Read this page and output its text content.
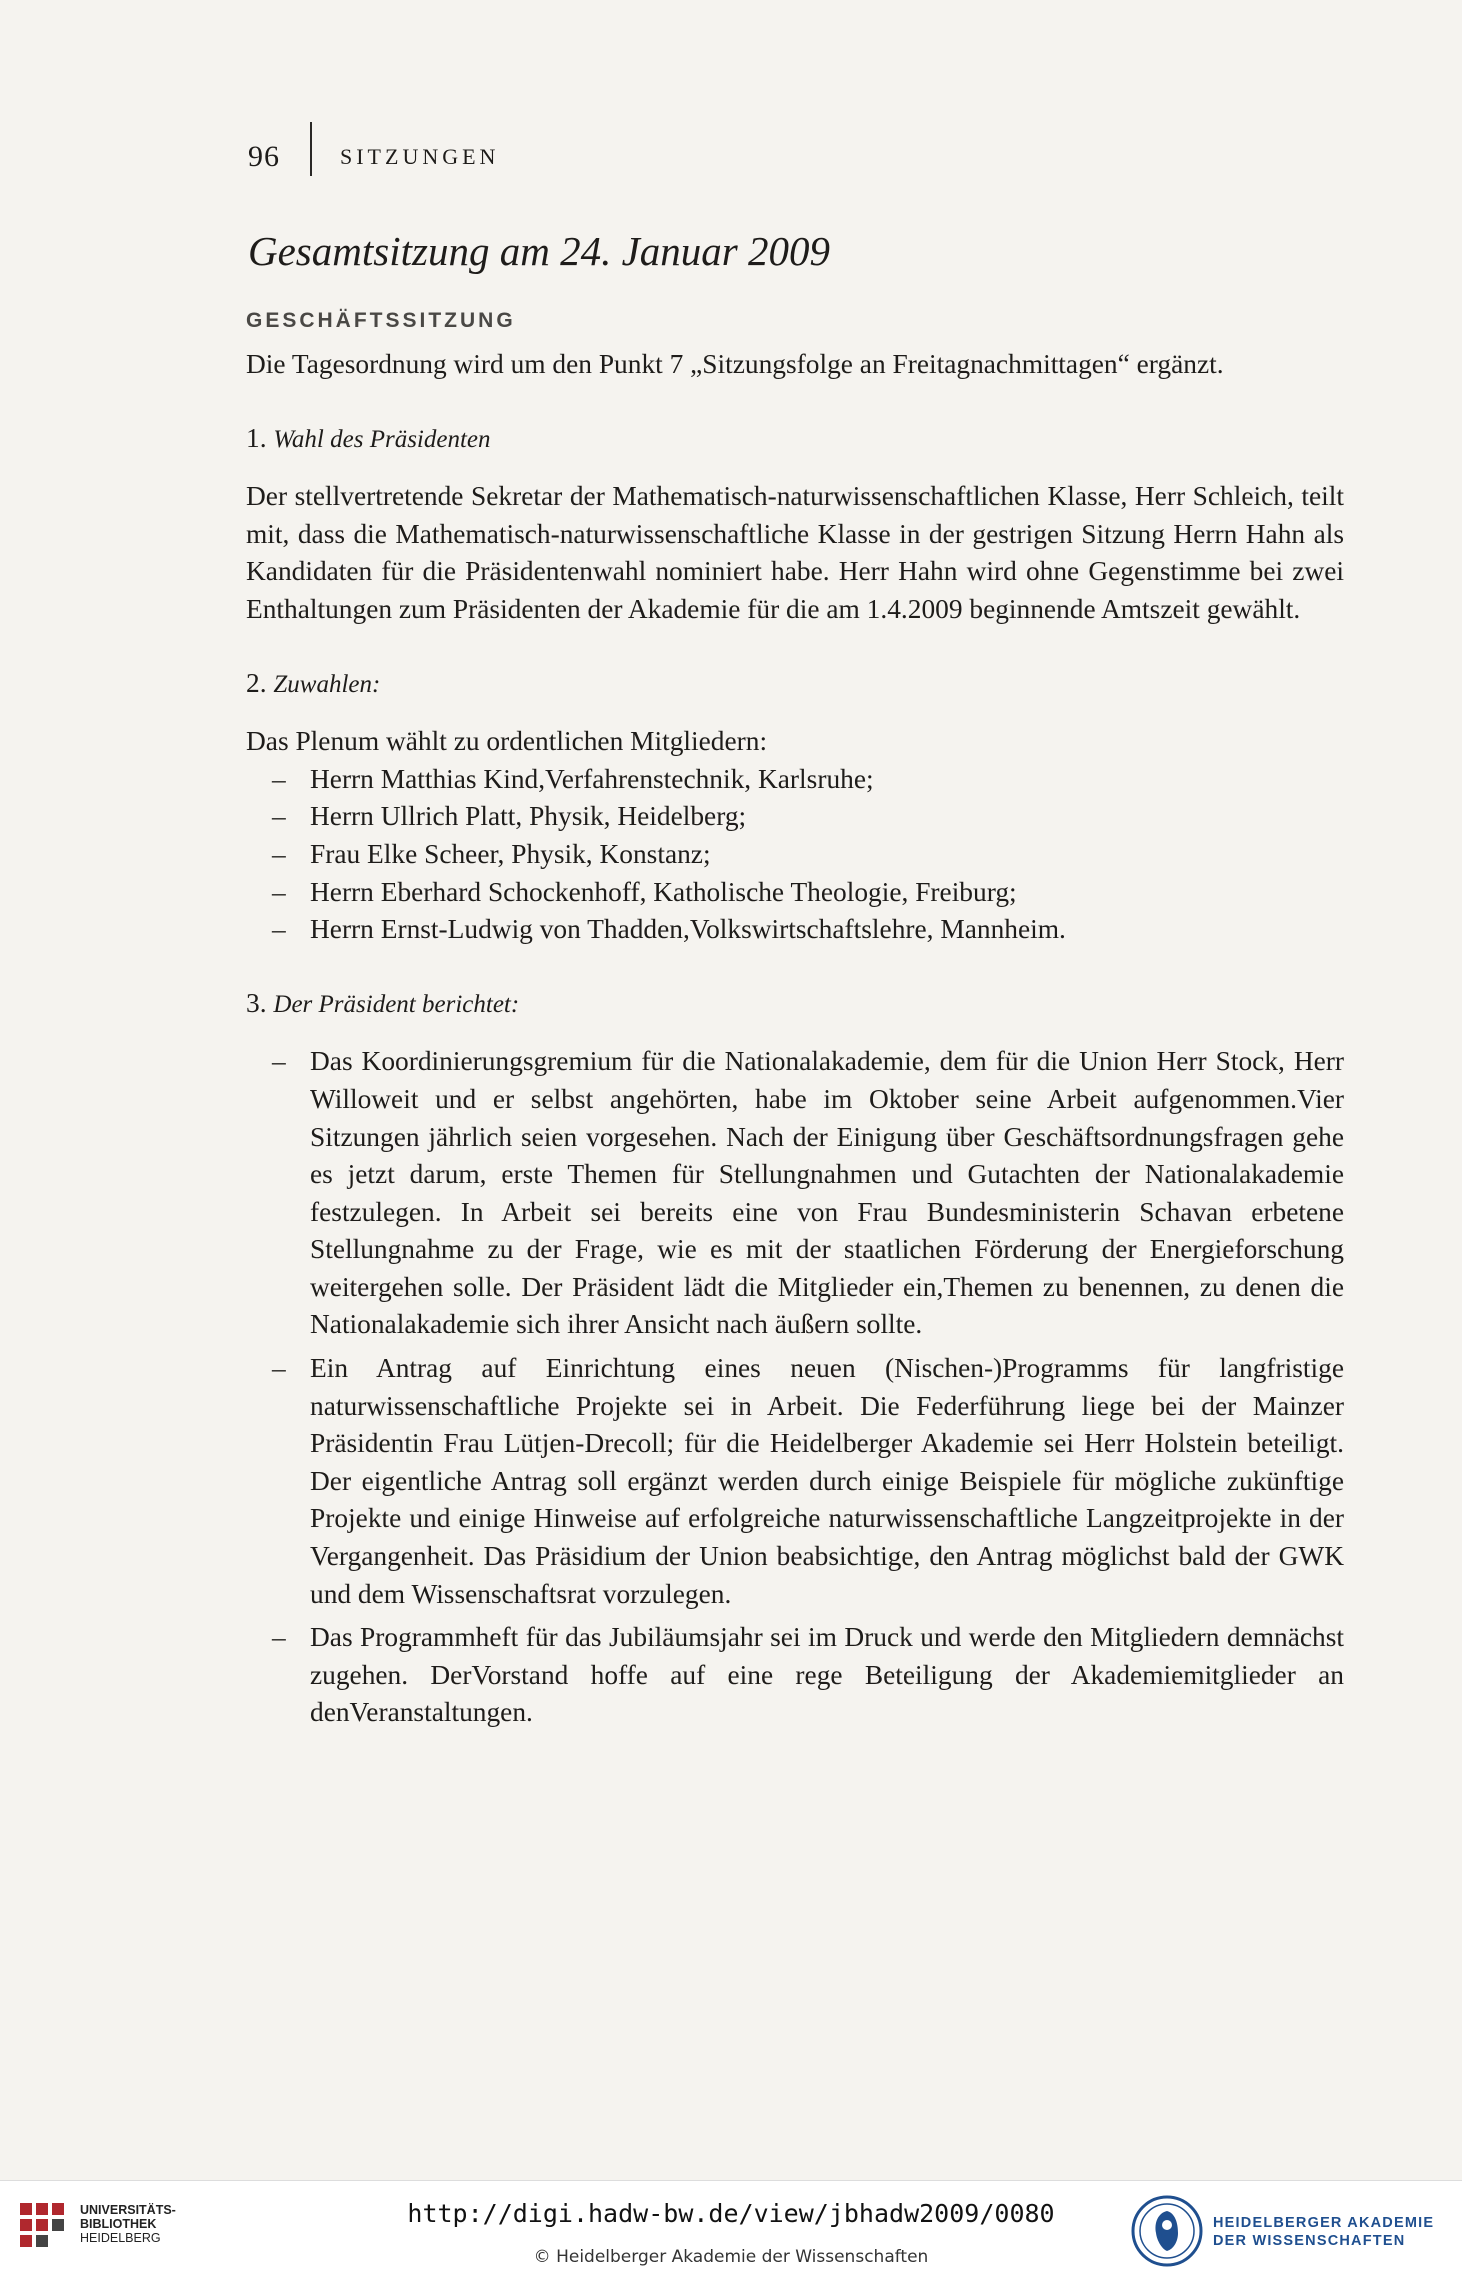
96	SITZUNGEN
Gesamtsitzung am 24. Januar 2009
GESCHÄFTSSITZUNG

Die Tagesordnung wird um den Punkt 7 „Sitzungsfolge an Freitagnachmittagen“ ergänzt.

1. Wahl des Präsidenten

Der stellvertretende Sekretar der Mathematisch-naturwissenschaftlichen Klasse, Herr Schleich, teilt mit, dass die Mathematisch-naturwissenschaftliche Klasse in der gestrigen Sitzung Herrn Hahn als Kandidaten für die Präsidentenwahl nominiert habe. Herr Hahn wird ohne Gegenstimme bei zwei Enthaltungen zum Präsidenten der Akademie für die am 1.4.2009 beginnende Amtszeit gewählt.

2. Zuwahlen:

Das Plenum wählt zu ordentlichen Mitgliedern:

– Herrn Matthias Kind,Verfahrenstechnik, Karlsruhe;
– Herrn Ullrich Platt, Physik, Heidelberg;
– Frau Elke Scheer, Physik, Konstanz;
– Herrn Eberhard Schockenhoff, Katholische Theologie, Freiburg;
– Herrn Ernst-Ludwig von Thadden,Volkswirtschaftslehre, Mannheim.
3. Der Präsident berichtet:
– Das Koordinierungsgremium für die Nationalakademie, dem für die Union Herr Stock, Herr Willoweit und er selbst angehörten, habe im Oktober seine Arbeit aufgenommen.Vier Sitzungen jährlich seien vorgesehen. Nach der Einigung über Geschäftsordnungsfragen gehe es jetzt darum, erste Themen für Stellungnahmen und Gutachten der Nationalakademie festzulegen. In Arbeit sei bereits eine von Frau Bundesministerin Schavan erbetene Stellungnahme zu der Frage, wie es mit der staatlichen Förderung der Energieforschung weitergehen solle. Der Präsident lädt die Mitglieder ein,Themen zu benennen, zu denen die Nationalakademie sich ihrer Ansicht nach äußern sollte.
– Ein Antrag auf Einrichtung eines neuen (Nischen-)Programms für langfristige naturwissenschaftliche Projekte sei in Arbeit. Die Federführung liege bei der Mainzer Präsidentin Frau Lütjen-Drecoll; für die Heidelberger Akademie sei Herr Holstein beteiligt. Der eigentliche Antrag soll ergänzt werden durch einige Beispiele für mögliche zukünftige Projekte und einige Hinweise auf erfolgreiche naturwissenschaftliche Langzeitprojekte in der Vergangenheit. Das Präsidium der Union beabsichtige, den Antrag möglichst bald der GWK und dem Wissenschaftsrat vorzulegen.
– Das Programmheft für das Jubiläumsjahr sei im Druck und werde den Mitgliedern demnächst zugehen. DerVorstand hoffe auf eine rege Beteiligung der Akademiemitglieder an denVeranstaltungen.
UNIVERSITÄTS-
BIBLIOTHEK
HEIDELBERG
http://digi.hadw-bw.de/view/jbhadw2009/0080
© Heidelberger Akademie der Wissenschaften
HEIDELBERGER AKADEMIE
DER WISSENSCHAFTEN
